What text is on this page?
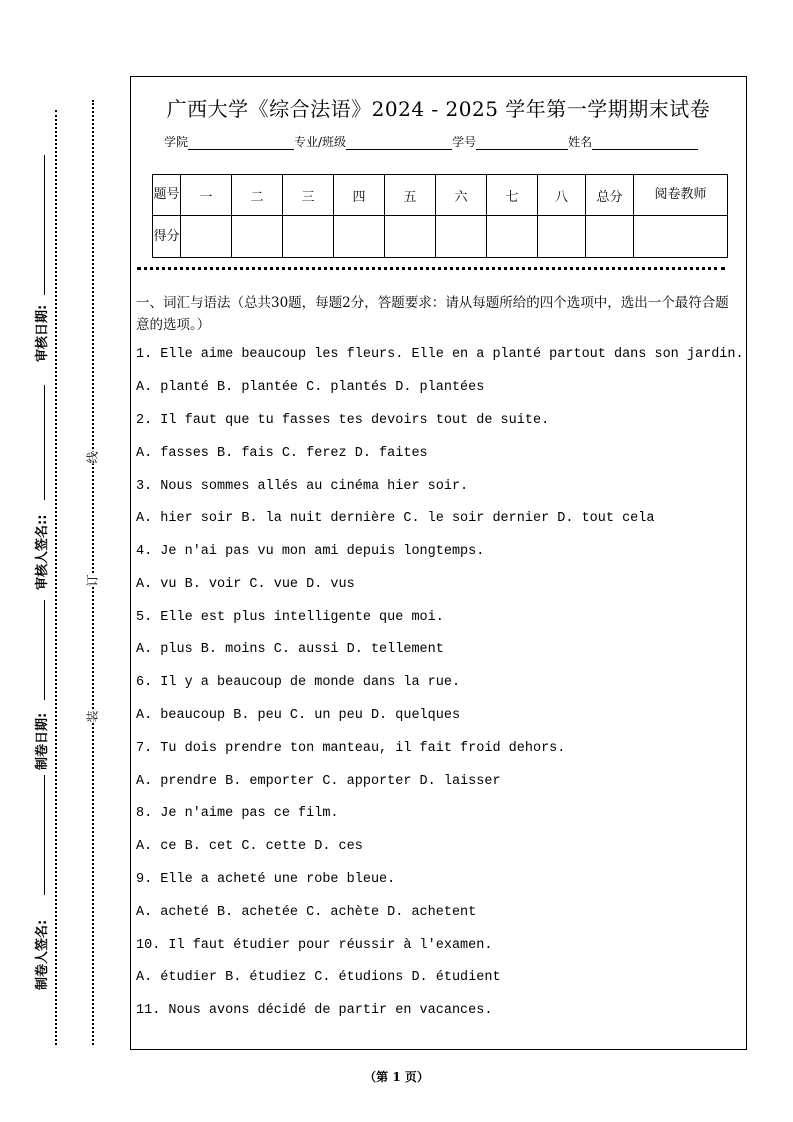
审核日期:
审核人签名::
制卷日期:
制卷人签名:
线
订
装
广西大学《综合法语》2024 - 2025 学年第一学期期末试卷
学院	专业/班级	学号	姓名
题号	一	二	三	四	五	六	七	八	总分	阅卷教师
得分										
一、词汇与语法（总共30题，每题2分，答题要求：请从每题所给的四个选项中，选出一个最符合题意的选项。）
1. Elle aime beaucoup les fleurs. Elle en a planté partout dans son jardin.
A. planté B. plantée C. plantés D. plantées
2. Il faut que tu fasses tes devoirs tout de suite.
A. fasses B. fais C. ferez D. faites
3. Nous sommes allés au cinéma hier soir.
A. hier soir B. la nuit dernière C. le soir dernier D. tout cela
4. Je n'ai pas vu mon ami depuis longtemps.
A. vu B. voir C. vue D. vus
5. Elle est plus intelligente que moi.
A. plus B. moins C. aussi D. tellement
6. Il y a beaucoup de monde dans la rue.
A. beaucoup B. peu C. un peu D. quelques
7. Tu dois prendre ton manteau, il fait froid dehors.
A. prendre B. emporter C. apporter D. laisser
8. Je n'aime pas ce film.
A. ce B. cet C. cette D. ces
9. Elle a acheté une robe bleue.
A. acheté B. achetée C. achète D. achetent
10. Il faut étudier pour réussir à l'examen.
A. étudier B. étudiez C. étudions D. étudient
11. Nous avons décidé de partir en vacances.
（第 1 页）
